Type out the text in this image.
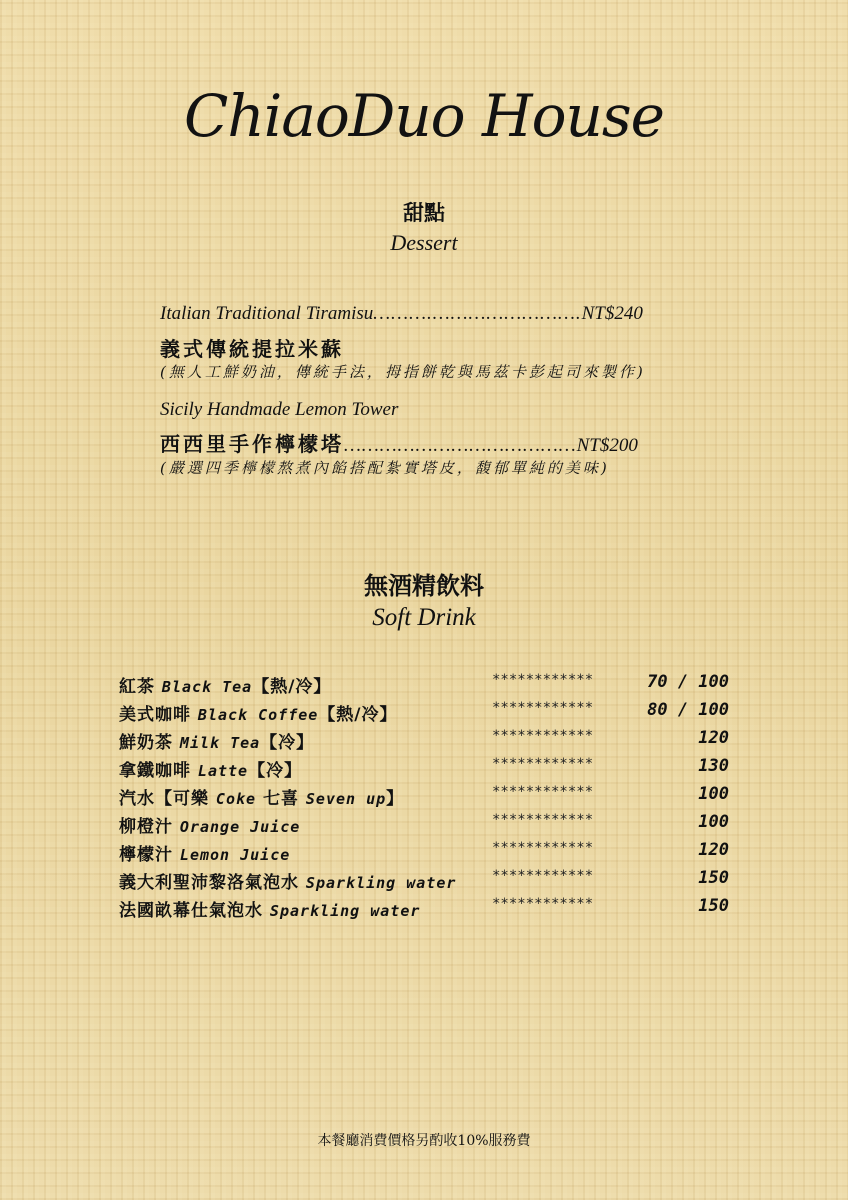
ChiaoDuo House
甜點
Dessert
Italian Traditional Tiramisu……….…………………….NT$240
義式傳統提拉米蘇
(無人工鮮奶油，傳統手法，拇指餅乾與馬茲卡彭起司來製作)
Sicily Handmade Lemon Tower
西西里手作檸檬塔…………………………………NT$200
(嚴選四季檸檬熬煮內餡搭配紮實塔皮，馥郁單純的美味)
無酒精飲料
Soft Drink
紅茶 Black Tea【熱/冷】	************	70 / 100
美式咖啡 Black Coffee【熱/冷】	************	80 / 100
鮮奶茶 Milk Tea【冷】	************	120
拿鐵咖啡 Latte【冷】	************	130
汽水【可樂 Coke 七喜 Seven up】	************	100
柳橙汁 Orange Juice	************	100
檸檬汁 Lemon Juice	************	120
義大利聖沛黎洛氣泡水 Sparkling water	************	150
法國畝幕仕氣泡水 Sparkling water	************	150
本餐廳消費價格另酌收10%服務費
